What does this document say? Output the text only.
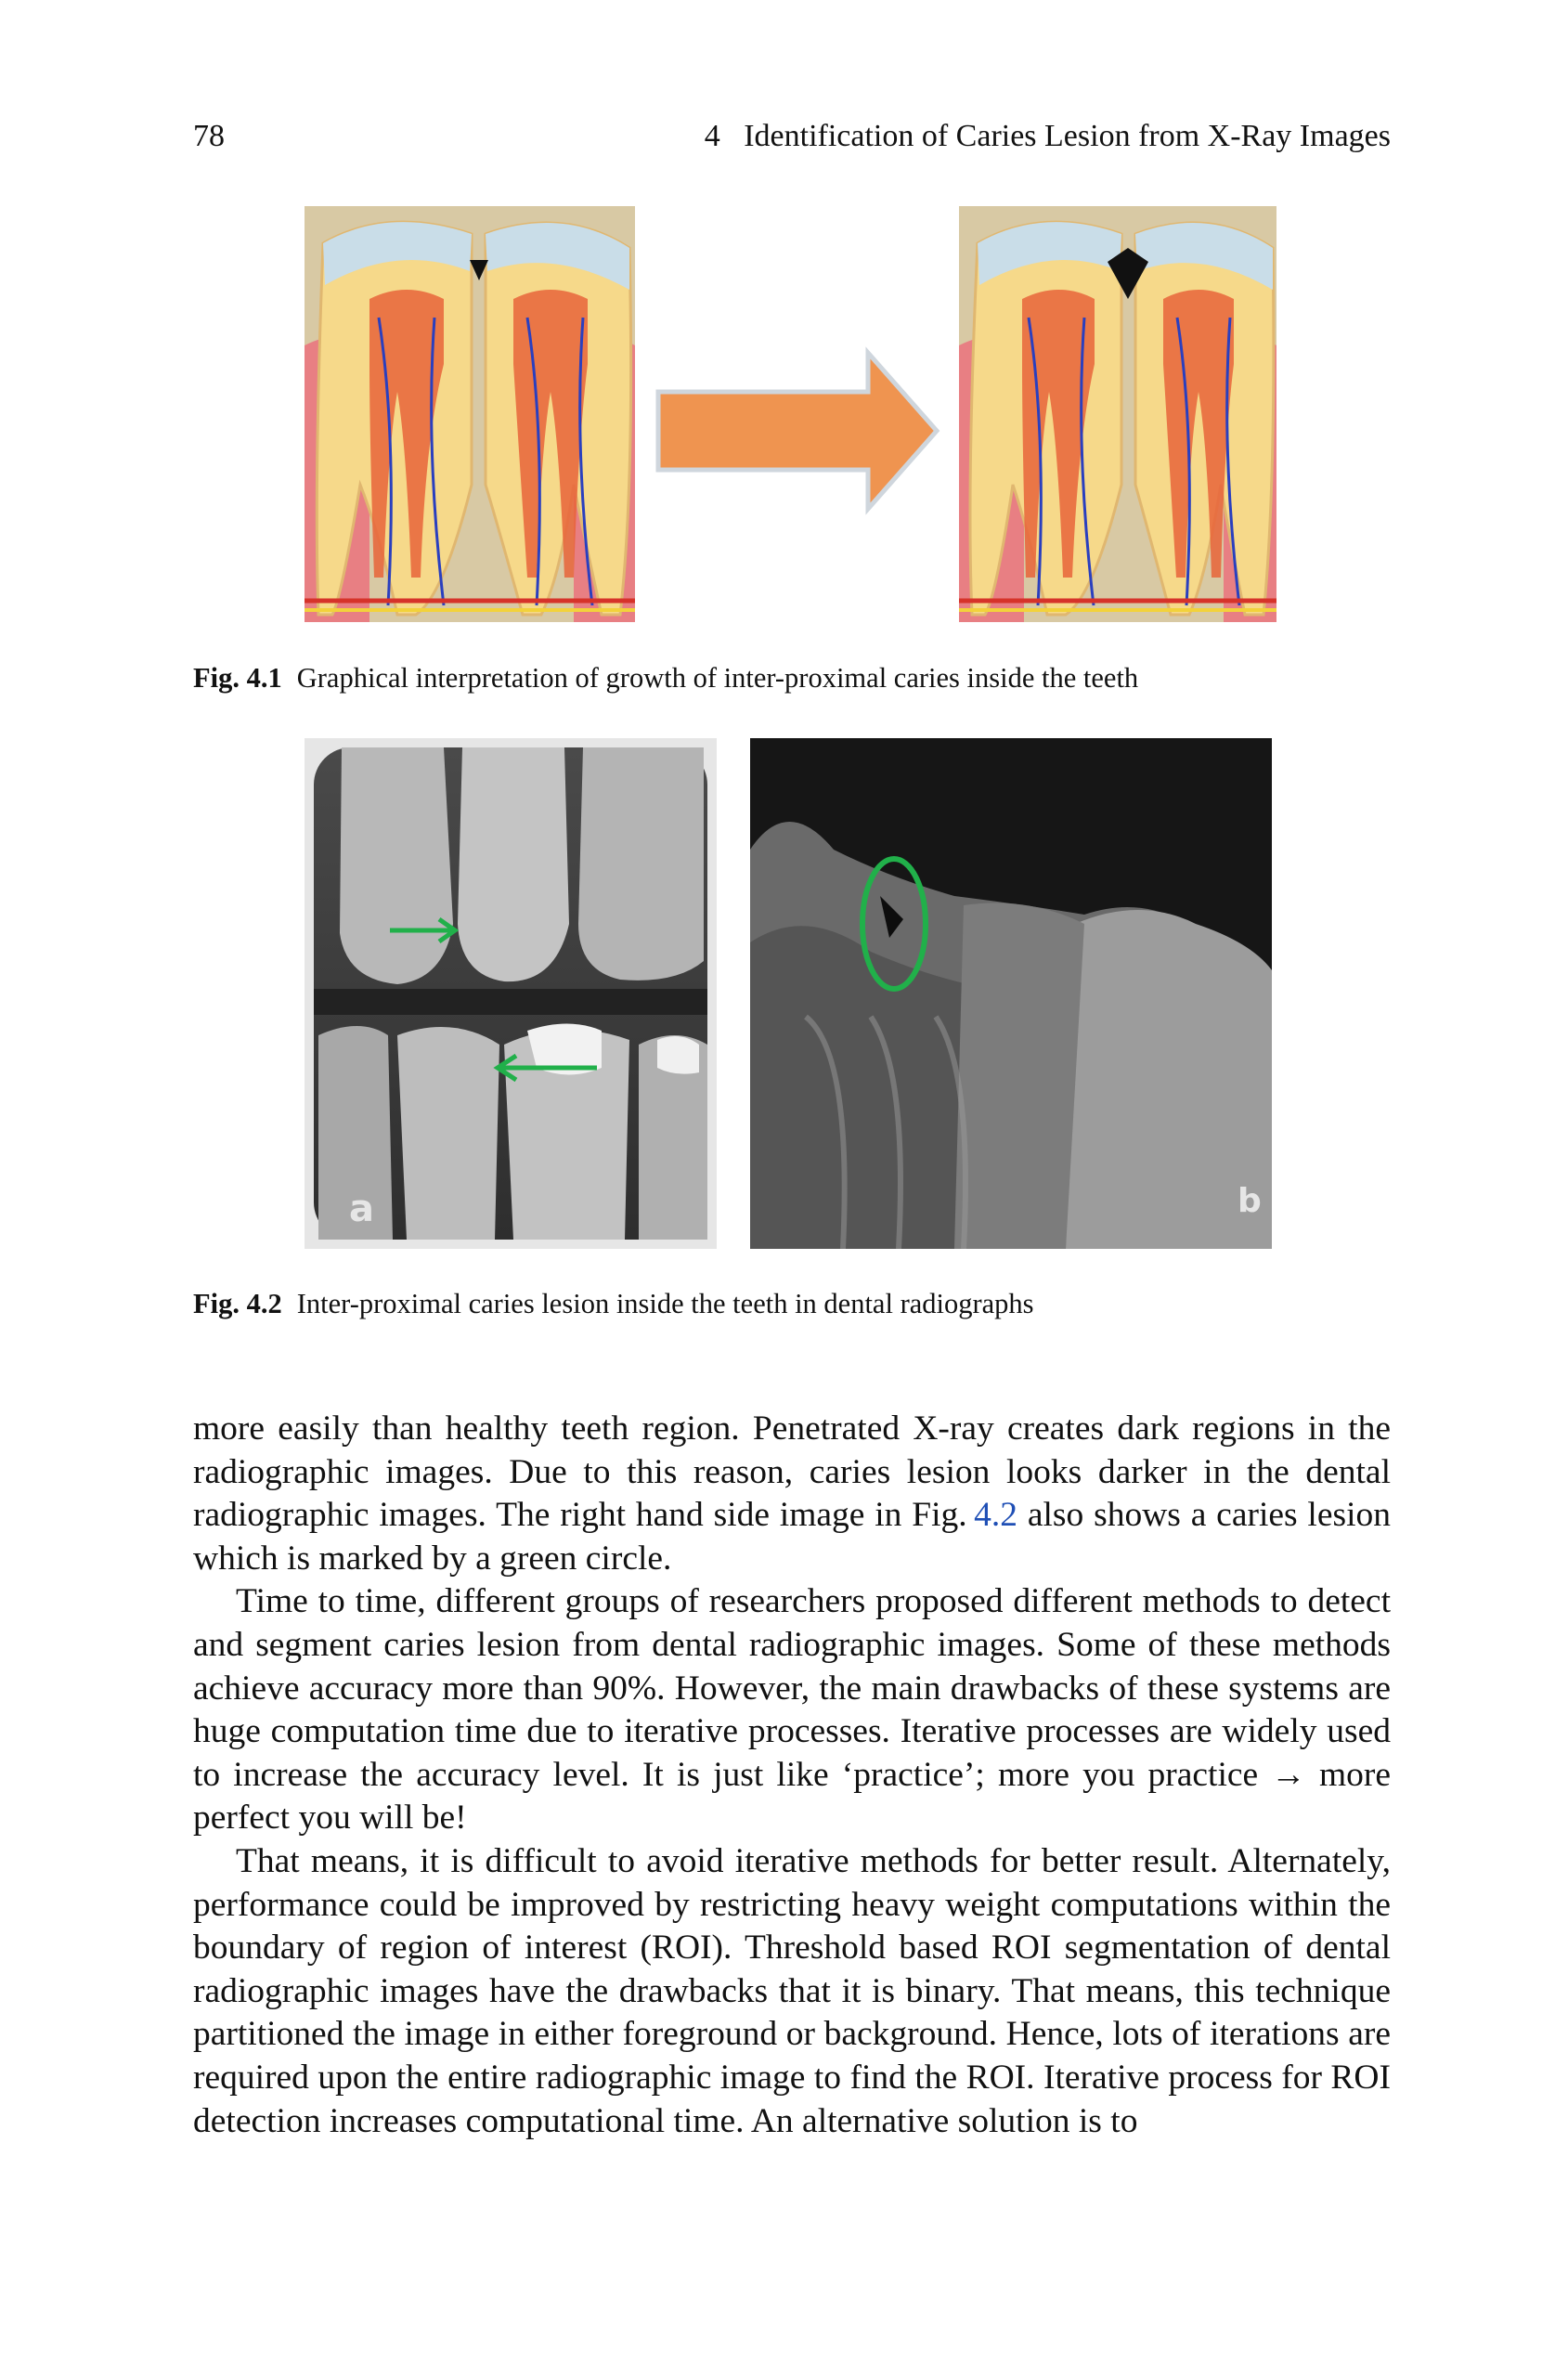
78	4   Identification of Caries Lesion from X-Ray Images
Fig. 4.1 Graphical interpretation of growth of inter-proximal caries inside the teeth
a	b
Fig. 4.2 Inter-proximal caries lesion inside the teeth in dental radiographs

more easily than healthy teeth region. Penetrated X-ray creates dark regions in the radiographic images. Due to this reason, caries lesion looks darker in the dental radiographic images. The right hand side image in Fig. 4.2 also shows a caries lesion which is marked by a green circle.

Time to time, different groups of researchers proposed different methods to detect and segment caries lesion from dental radiographic images. Some of these methods achieve accuracy more than 90%. However, the main drawbacks of these systems are huge computation time due to iterative processes. Iterative processes are widely used to increase the accuracy level. It is just like ‘practice’; more you practice → more perfect you will be!

That means, it is difficult to avoid iterative methods for better result. Alternately, performance could be improved by restricting heavy weight computations within the boundary of region of interest (ROI). Threshold based ROI segmentation of dental radiographic images have the drawbacks that it is binary. That means, this technique partitioned the image in either foreground or background. Hence, lots of iterations are required upon the entire radiographic image to find the ROI. Iterative process for ROI detection increases computational time. An alternative solution is to
